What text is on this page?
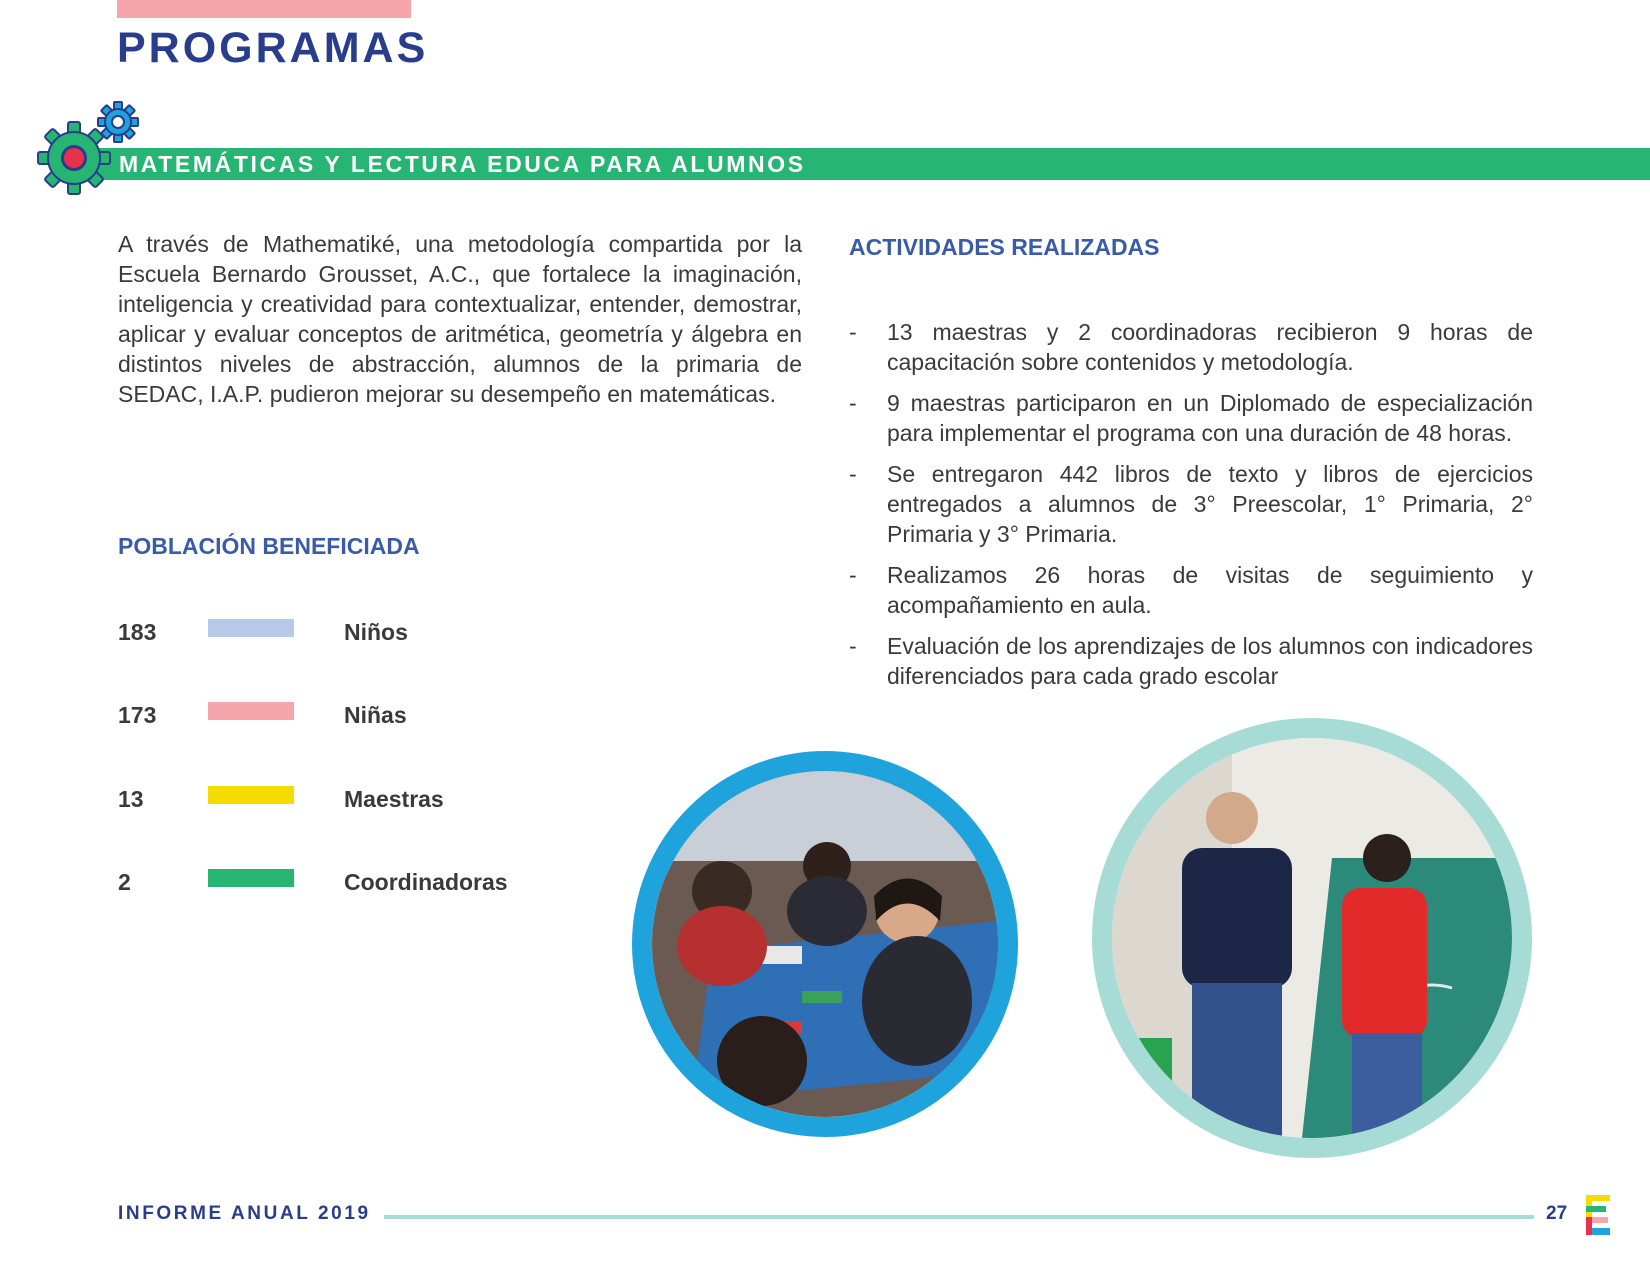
PROGRAMAS
MATEMÁTICAS Y LECTURA EDUCA PARA ALUMNOS
A través de Mathematiké, una metodología compartida por la Escuela Bernardo Grousset, A.C., que fortalece la imaginación, inteligencia y creatividad para contextualizar, entender, demostrar, aplicar y evaluar conceptos de aritmética, geometría y álgebra en distintos niveles de abstracción, alumnos de la primaria de SEDAC, I.A.P. pudieron mejorar su desempeño en matemáticas.
POBLACIÓN BENEFICIADA
183	Niños
173	Niñas
13	Maestras
2	Coordinadoras
ACTIVIDADES REALIZADAS
- 13 maestras y 2 coordinadoras recibieron 9 horas de capacitación sobre contenidos y metodología.
- 9 maestras participaron en un Diplomado de especialización para implementar el programa con una duración de 48 horas.
- Se entregaron 442 libros de texto y libros de ejercicios entregados a alumnos de 3° Preescolar, 1° Primaria, 2° Primaria y 3° Primaria.
- Realizamos 26 horas de visitas de seguimiento y acompañamiento en aula.
- Evaluación de los aprendizajes de los alumnos con indicadores diferenciados para cada grado escolar
INFORME ANUAL 2019	27
